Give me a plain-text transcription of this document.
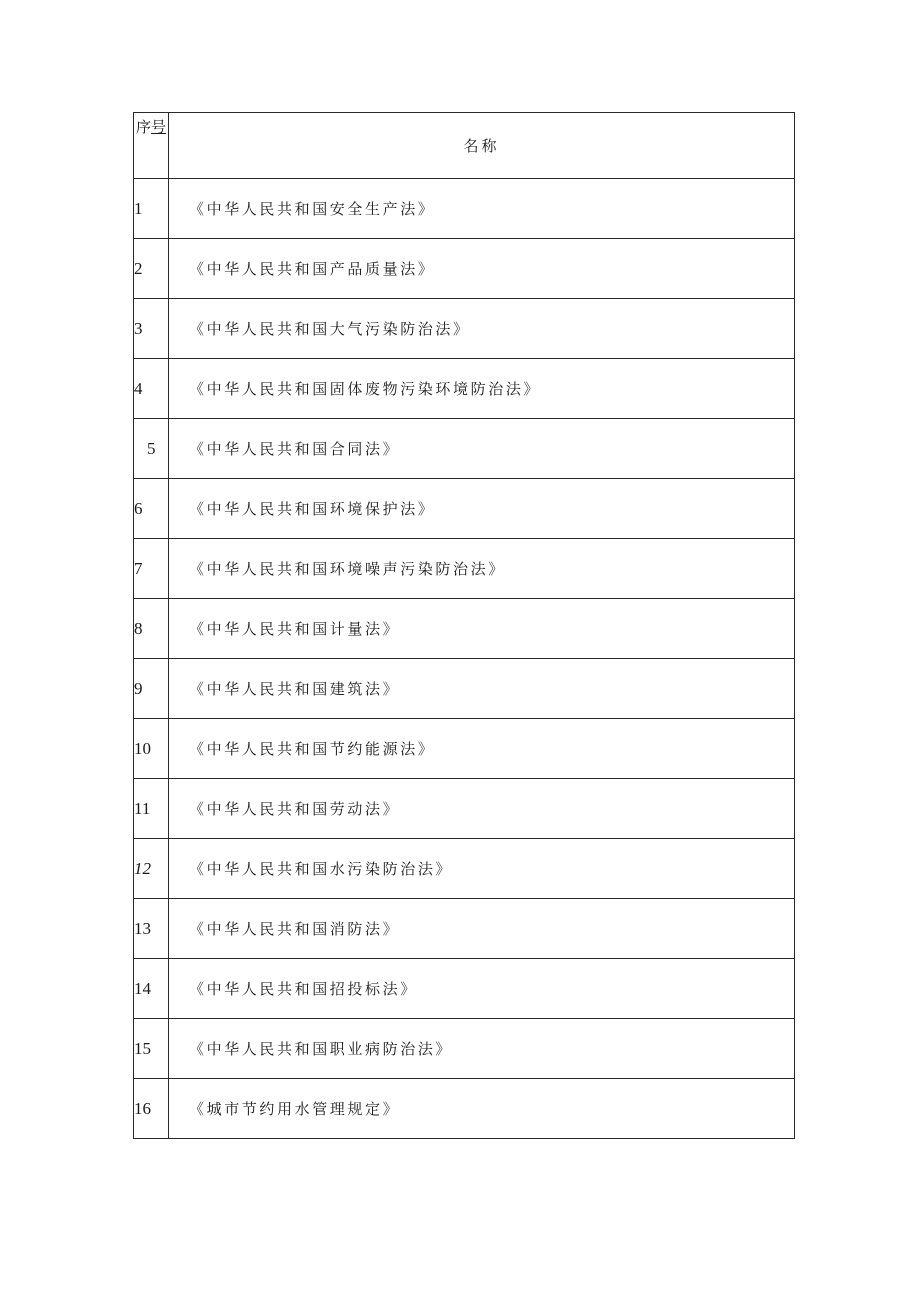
序号	名称
1	《中华人民共和国安全生产法》
2	《中华人民共和国产品质量法》
3	《中华人民共和国大气污染防治法》
4	《中华人民共和国固体废物污染环境防治法》
5	《中华人民共和国合同法》
6	《中华人民共和国环境保护法》
7	《中华人民共和国环境噪声污染防治法》
8	《中华人民共和国计量法》
9	《中华人民共和国建筑法》
10	《中华人民共和国节约能源法》
11	《中华人民共和国劳动法》
12	《中华人民共和国水污染防治法》
13	《中华人民共和国消防法》
14	《中华人民共和国招投标法》
15	《中华人民共和国职业病防治法》
16	《城市节约用水管理规定》
